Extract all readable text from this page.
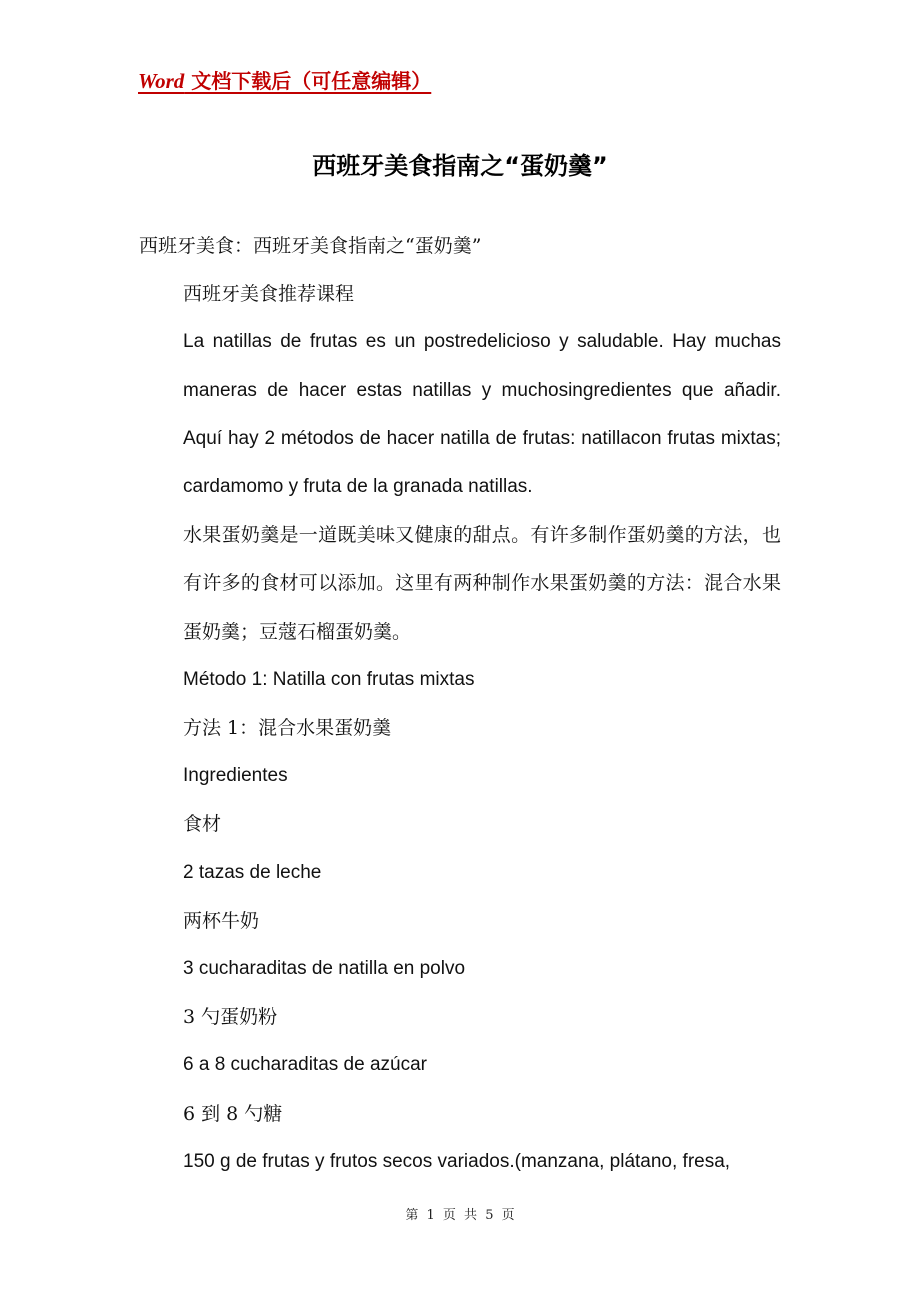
Word 文档下载后（可任意编辑）
西班牙美食指南之“蛋奶羹”

西班牙美食：西班牙美食指南之“蛋奶羹”

西班牙美食推荐课程

La natillas de frutas es un postredelicioso y saludable. Hay muchas maneras de hacer estas natillas y muchosingredientes que añadir. Aquí hay 2 métodos de hacer natilla de frutas: natillacon frutas mixtas; cardamomo y fruta de la granada natillas.

水果蛋奶羹是一道既美味又健康的甜点。有许多制作蛋奶羹的方法，也有许多的食材可以添加。这里有两种制作水果蛋奶羹的方法：混合水果蛋奶羹；豆蔻石榴蛋奶羹。

Método 1: Natilla con frutas mixtas

方法 1：混合水果蛋奶羹

Ingredientes

食材

2 tazas de leche

两杯牛奶

3 cucharaditas de natilla en polvo

3 勺蛋奶粉

6 a 8 cucharaditas de azúcar

6 到 8 勺糖

150 g de frutas y frutos secos variados.(manzana, plátano, fresa,

第 1 页 共 5 页
